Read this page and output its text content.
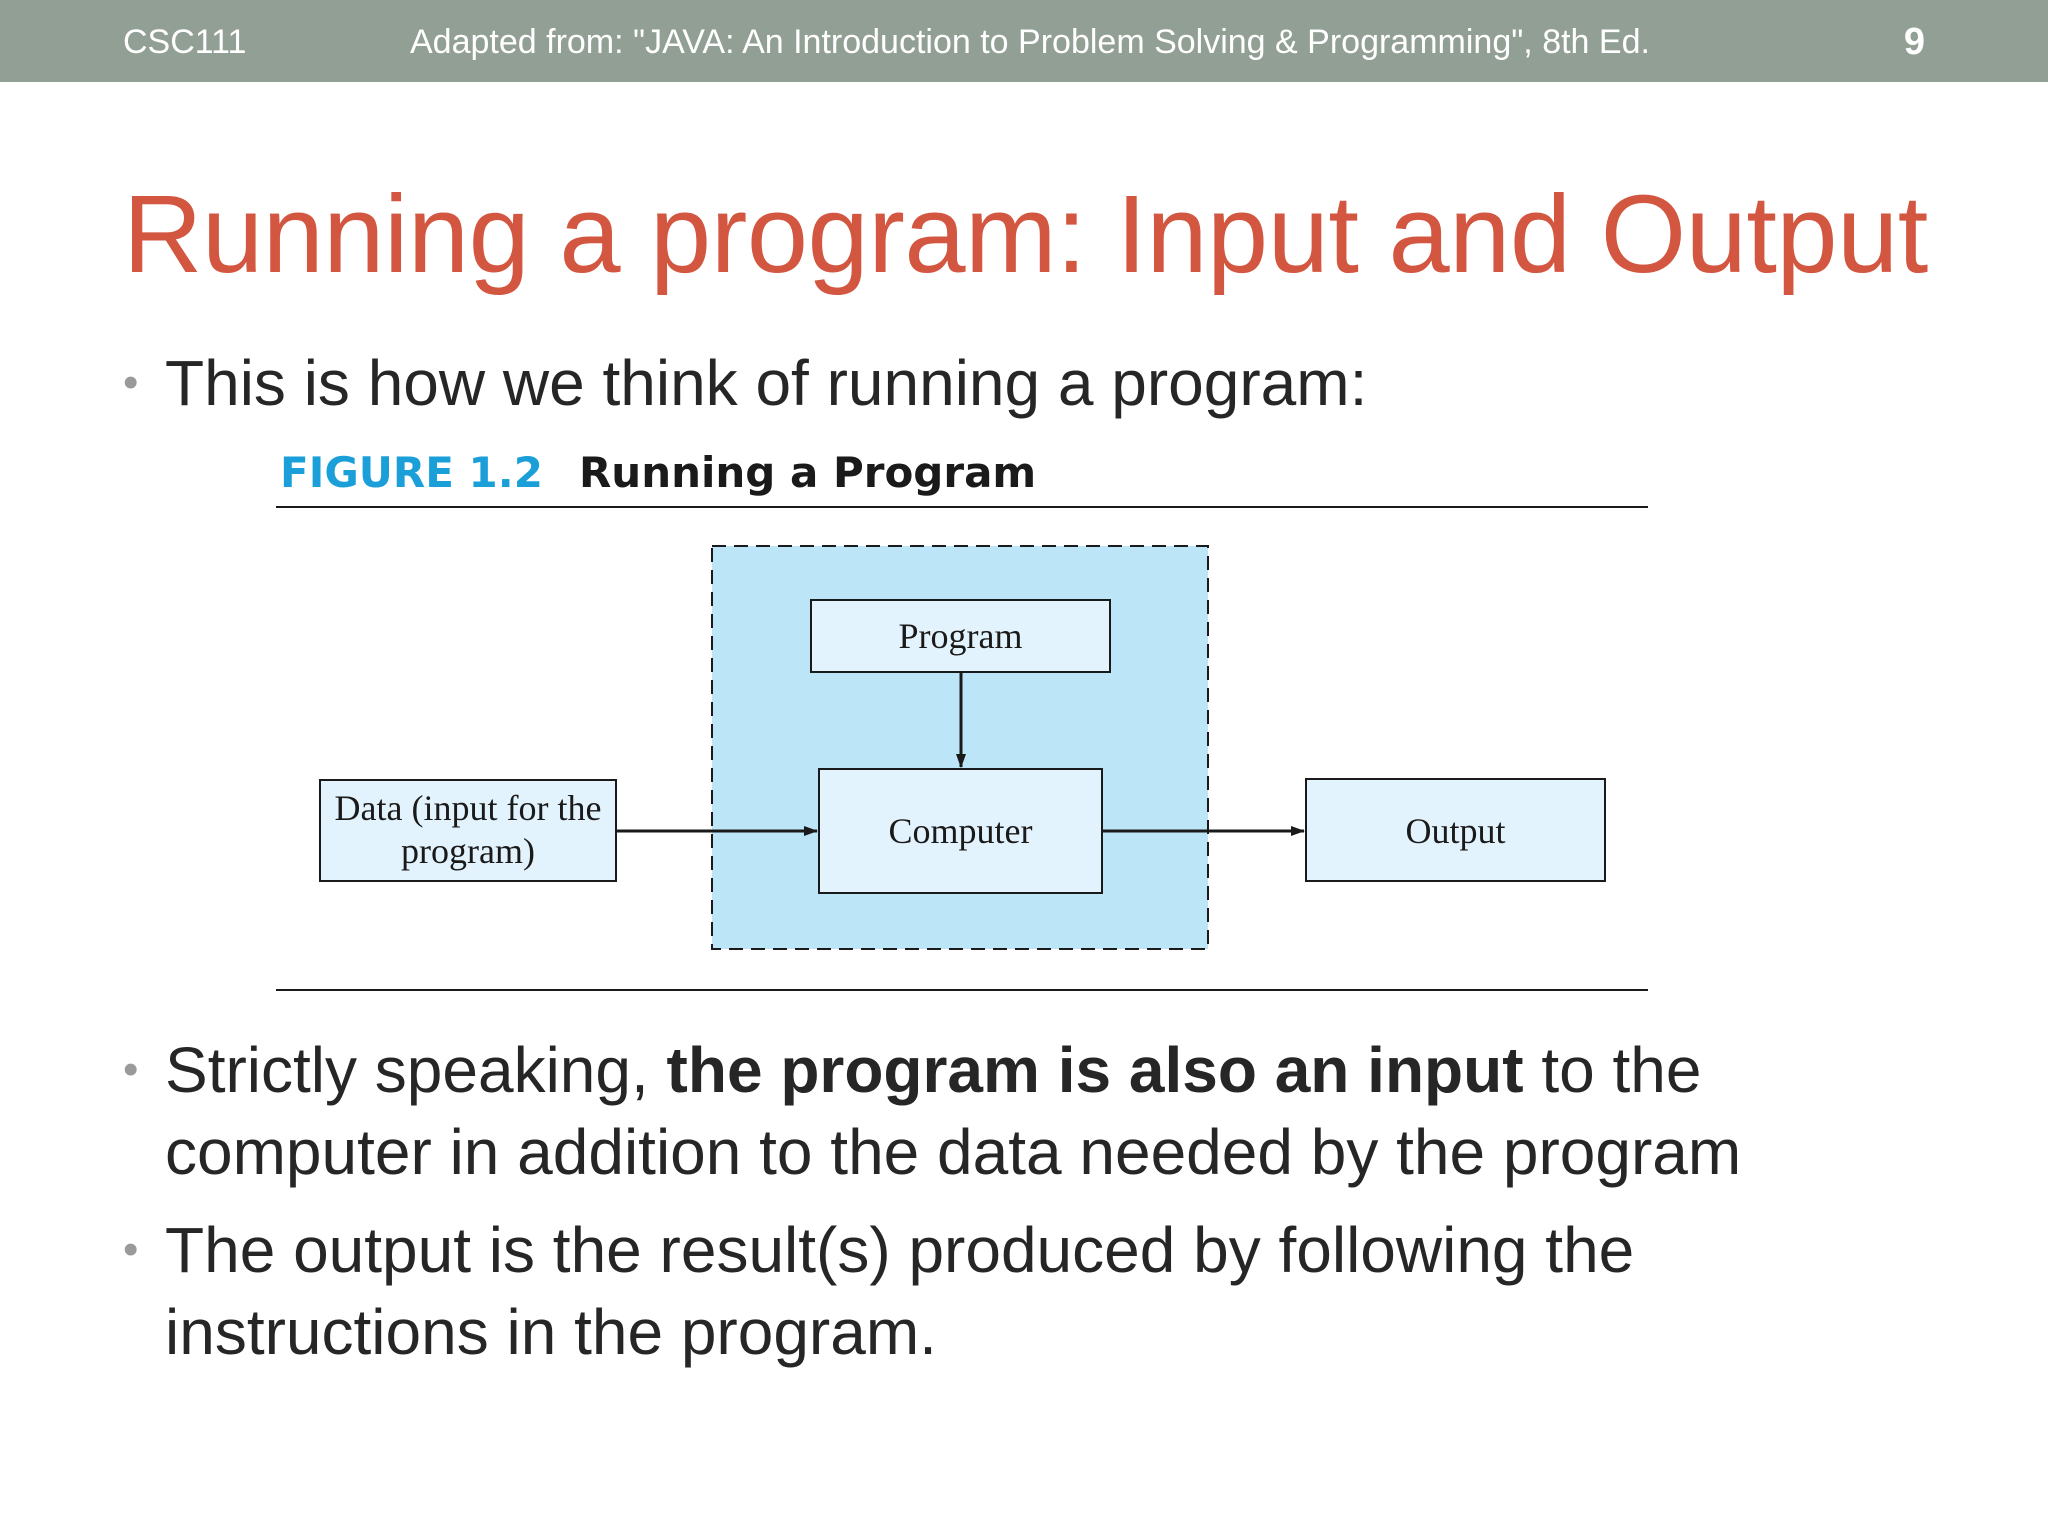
CSC111	Adapted from: "JAVA: An Introduction to Problem Solving & Programming", 8th Ed.	9
Running a program: Input and Output
• This is how we think of running a program:
FIGURE 1.2 Running a Program
Program
Computer
Data (input for the
program)	Output
• Strictly speaking, the program is also an input to the computer in addition to the data needed by the program
• The output is the result(s) produced by following the instructions in the program.
